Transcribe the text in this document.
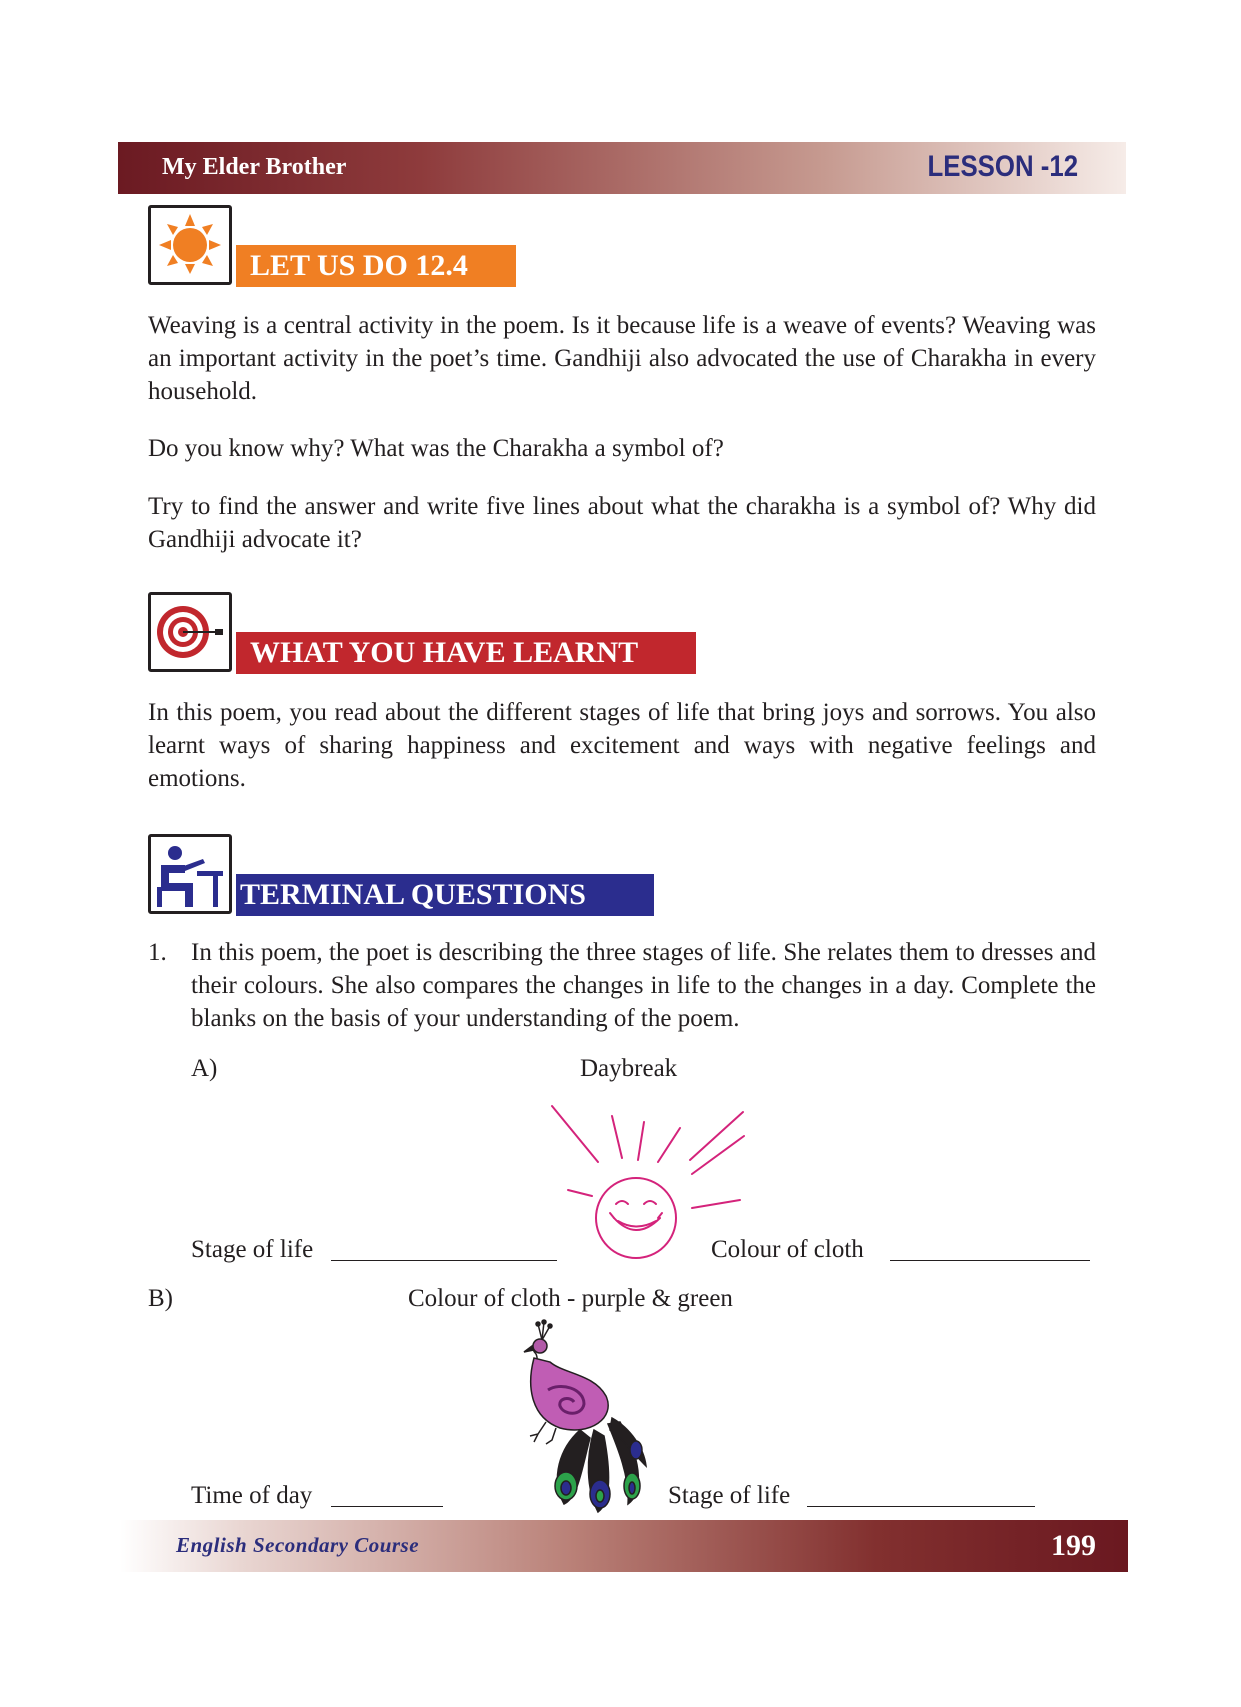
My Elder Brother	LESSON -12
LET US DO 12.4
Weaving is a central activity in the poem. Is it because life is a weave of events? Weaving was an important activity in the poet’s time. Gandhiji also advocated the use of Charakha in every household.
Do you know why? What was the Charakha a symbol of?
Try to find the answer and write five lines about what the charakha is a symbol of? Why did Gandhiji advocate it?
WHAT YOU HAVE LEARNT
In this poem, you read about the different stages of life that bring joys and sorrows. You also learnt ways of sharing happiness and excitement and ways with negative feelings and emotions.
TERMINAL QUESTIONS
1. In this poem, the poet is describing the three stages of life. She relates them to dresses and their colours. She also compares the changes in life to the changes in a day. Complete the blanks on the basis of your understanding of the poem.
A)	Daybreak
Stage of life	Colour of cloth
B)	Colour of cloth - purple & green
Time of day	Stage of life
English Secondary Course	199
